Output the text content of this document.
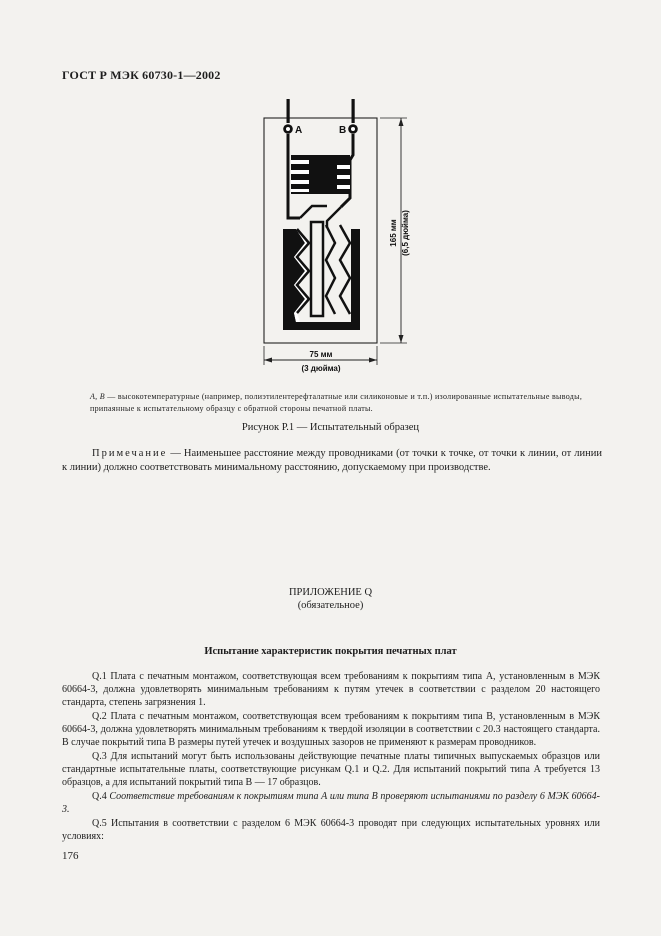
ГОСТ Р МЭК 60730-1—2002
A	B
165 мм (6,5 дюйма)
75 мм
(3 дюйма)
A, B — высокотемпературные (например, полиэтилентерефталатные или силиконовые и т.п.) изолированные испытательные выводы, припаянные к испытательному образцу с обратной стороны печатной платы.
Рисунок Р.1 — Испытательный образец
Примечание — Наименьшее расстояние между проводниками (от точки к точке, от точки к линии, от линии к линии) должно соответствовать минимальному расстоянию, допускаемому при производстве.
ПРИЛОЖЕНИЕ Q
(обязательное)
Испытание характеристик покрытия печатных плат

Q.1 Плата с печатным монтажом, соответствующая всем требованиям к покрытиям типа А, установленным в МЭК 60664-3, должна удовлетворять минимальным требованиям к путям утечек в соответствии с разделом 20 настоящего стандарта, степень загрязнения 1.

Q.2 Плата с печатным монтажом, соответствующая всем требованиям к покрытиям типа В, установленным в МЭК 60664-3, должна удовлетворять минимальным требованиям к твердой изоляции в соответствии с 20.3 настоящего стандарта. В случае покрытий типа В размеры путей утечек и воздушных зазоров не применяют к размерам проводников.

Q.3 Для испытаний могут быть использованы действующие печатные платы типичных выпускаемых образцов или стандартные испытательные платы, соответствующие рисункам Q.1 и Q.2. Для испытаний покрытий типа А требуется 13 образцов, а для испытаний покрытий типа В — 17 образцов.

Q.4 Соответствие требованиям к покрытиям типа А или типа В проверяют испытаниями по разделу 6 МЭК 60664-3.

Q.5 Испытания в соответствии с разделом 6 МЭК 60664-3 проводят при следующих испытательных уровнях или условиях:

176
